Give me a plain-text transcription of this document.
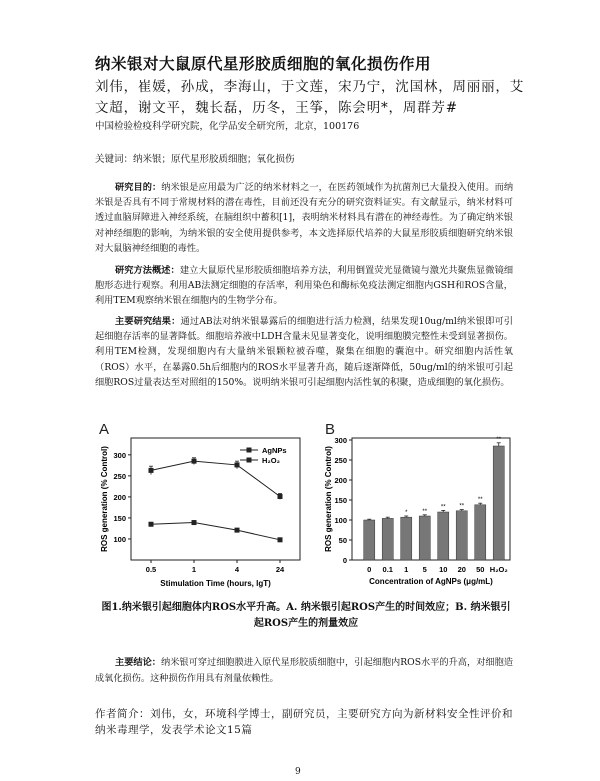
纳米银对大鼠原代星形胶质细胞的氧化损伤作用
刘伟，崔媛，孙成，李海山，于文莲，宋乃宁，沈国林，周丽丽，艾
文超，谢文平，魏长磊，历冬，王筝，陈会明*，周群芳#
中国检验检疫科学研究院，化学品安全研究所，北京，100176
关键词：纳米银；原代星形胶质细胞；氧化损伤
研究目的：纳米银是应用最为广泛的纳米材料之一，在医药领域作为抗菌剂已大量投入使用。而纳米银是否具有不同于常规材料的潜在毒性，目前还没有充分的研究资料证实。有文献显示，纳米材料可透过血脑屏障进入神经系统，在脑组织中蓄积[1]，表明纳米材料具有潜在的神经毒性。为了确定纳米银对神经细胞的影响，为纳米银的安全使用提供参考，本文选择原代培养的大鼠星形胶质细胞研究纳米银对大鼠脑神经细胞的毒性。
研究方法概述：建立大鼠原代星形胶质细胞培养方法，利用倒置荧光显微镜与激光共聚焦显微镜细胞形态进行观察。利用AB法测定细胞的存活率，利用染色和酶标免疫法测定细胞内GSH和ROS含量，利用TEM观察纳米银在细胞内的生物学分布。
主要研究结果：通过AB法对纳米银暴露后的细胞进行活力检测，结果发现10ug/ml纳米银即可引起细胞存活率的显著降低。细胞培养液中LDH含量未见显著变化，说明细胞膜完整性未受到显著损伤。利用TEM检测，发现细胞内有大量纳米银颗粒被吞噬，聚集在细胞的囊泡中。研究细胞内活性氧（ROS）水平，在暴露0.5h后细胞内的ROS水平显著升高，随后逐渐降低，50ug/ml的纳米银可引起细胞ROS过量表达至对照组的150%。说明纳米银可引起细胞内活性氧的积聚，造成细胞的氧化损伤。
A
100
150
200
250
300
0.5	1	4	24
Stimulation Time (hours, lgT)
ROS generation (% Control)	AgNPs
H₂O₂
B
0
50
100
150
200
250
300
0 0.1
*
1
**
5
**
10
**
20
**
50
**
H₂O₂
Concentration of AgNPs (μg/mL)
ROS generation (% Control)
图1.纳米银引起细胞体内ROS水平升高。A. 纳米银引起ROS产生的时间效应；B. 纳米银引起ROS产生的剂量效应
主要结论：纳米银可穿过细胞膜进入原代星形胶质细胞中，引起细胞内ROS水平的升高，对细胞造成氧化损伤。这种损伤作用具有剂量依赖性。
作者简介：刘伟，女，环境科学博士，副研究员，主要研究方向为新材料安全性评价和纳米毒理学，发表学术论文15篇
9
